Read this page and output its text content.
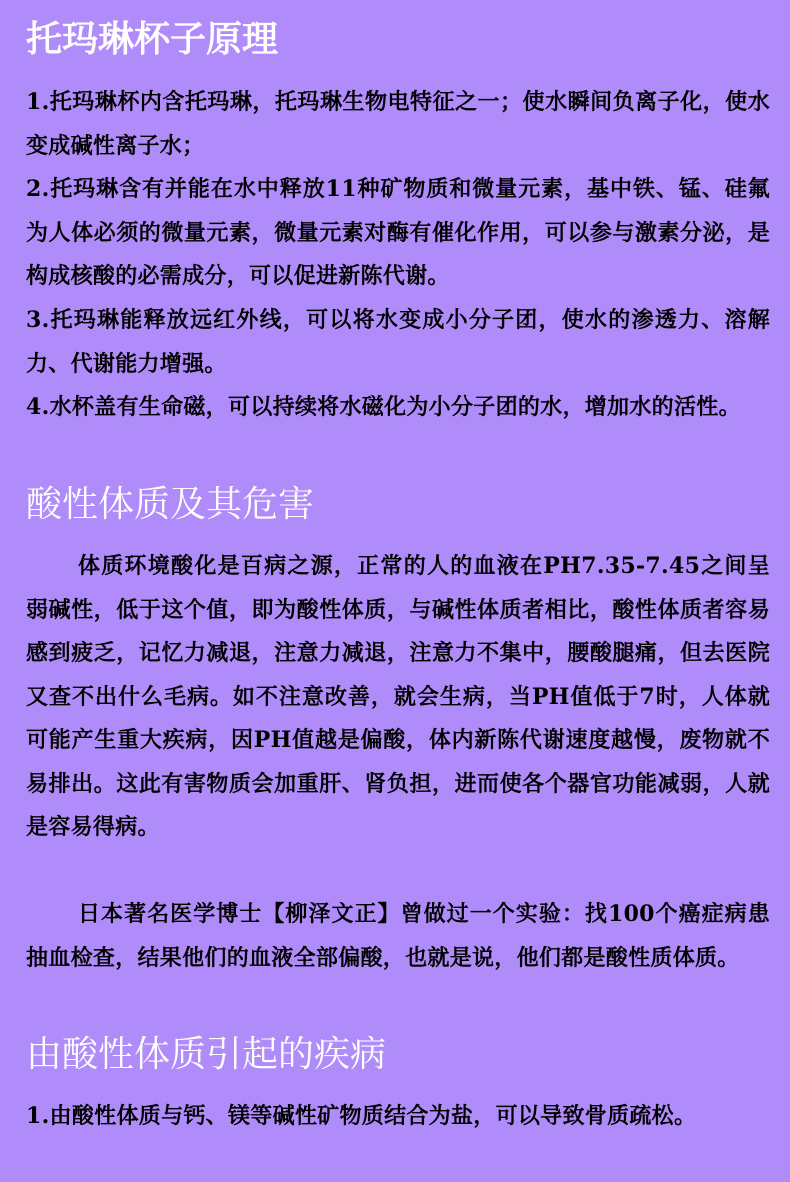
托玛琳杯子原理

1.托玛琳杯内含托玛琳，托玛琳生物电特征之一；使水瞬间负离子化，使水变成碱性离子水；

2.托玛琳含有并能在水中释放11种矿物质和微量元素，基中铁、锰、硅氟为人体必须的微量元素，微量元素对酶有催化作用，可以参与激素分泌，是构成核酸的必需成分，可以促进新陈代谢。

3.托玛琳能释放远红外线，可以将水变成小分子团，使水的渗透力、溶解力、代谢能力增强。

4.水杯盖有生命磁，可以持续将水磁化为小分子团的水，增加水的活性。

酸性体质及其危害

体质环境酸化是百病之源，正常的人的血液在PH7.35-7.45之间呈弱碱性，低于这个值，即为酸性体质，与碱性体质者相比，酸性体质者容易感到疲乏，记忆力减退，注意力减退，注意力不集中，腰酸腿痛，但去医院又查不出什么毛病。如不注意改善，就会生病，当PH值低于7时，人体就可能产生重大疾病，因PH值越是偏酸，体内新陈代谢速度越慢，废物就不易排出。这此有害物质会加重肝、肾负担，进而使各个器官功能减弱，人就是容易得病。

日本著名医学博士【柳泽文正】曾做过一个实验：找100个癌症病患抽血检查，结果他们的血液全部偏酸，也就是说，他们都是酸性质体质。

由酸性体质引起的疾病

1.由酸性体质与钙、镁等碱性矿物质结合为盐，可以导致骨质疏松。
